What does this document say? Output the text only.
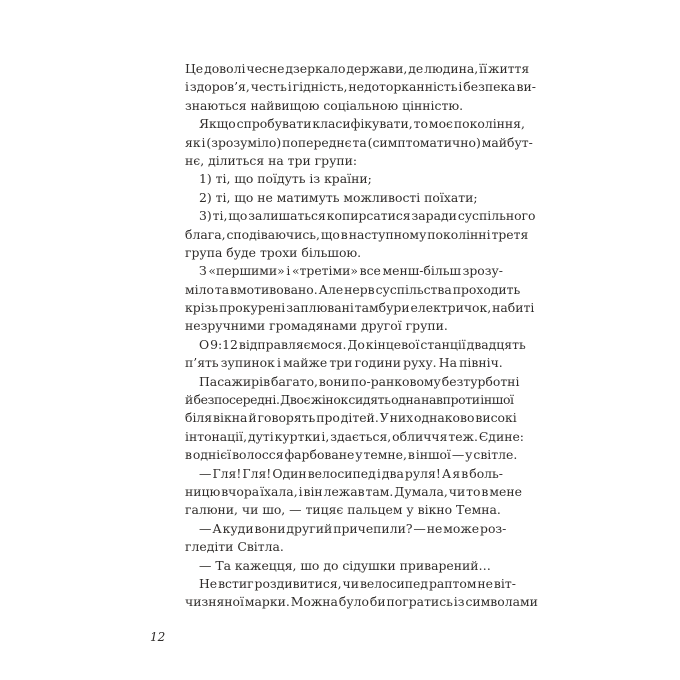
Це доволі чесне дзеркало держави, де людина, її життя
і здоров’я, честь і гідність, недоторканність і безпека ви-
знаються найвищою соціальною цінністю.
Якщо спробувати класифікувати, то моє покоління,
як і (зрозуміло) попереднє та (симптоматично) майбут-
нє, ділиться на три групи:
1) ті, що поїдуть із країни;
2) ті, що не матимуть можливості поїхати;
3) ті, що залишаться копирсатися заради суспільного
блага, сподіваючись, що в наступному поколінні третя
група буде трохи більшою.
З «першими» і «третіми» все менш-більш зрозу-
міло та вмотивовано. Але нерв суспільства проходить
крізь прокурені заплювані тамбури електричок, набиті
незручними громадянами другої групи.
О 9:12 відправляємося. До кінцевої станції двадцять
п’ять зупинок і майже три години руху. На північ.
Пасажирів багато, вони по-ранковому безтурботні
й безпосередні. Двоє жінок сидять одна навпроти іншої
біля вікна й говорять про дітей. У них однаково високі
інтонації, дуті куртки і, здається, обличчя теж. Єдине:
в однієї волосся фарбоване у темне, в іншої — у світле.
— Гля! Гля! Один велосипед і два руля! А я в боль-
ницю вчора їхала, і він лежав там. Думала, чи то в мене
галюни, чи шо, — тицяє пальцем у вікно Темна.
— А куди вони другий причепили? — не може роз-
гледіти Світла.
— Та кажецця, шо до сідушки приварений…
Не встиг роздивитися, чи велосипед раптом не віт-
чизняної марки. Можна було би погратись із символами
12
